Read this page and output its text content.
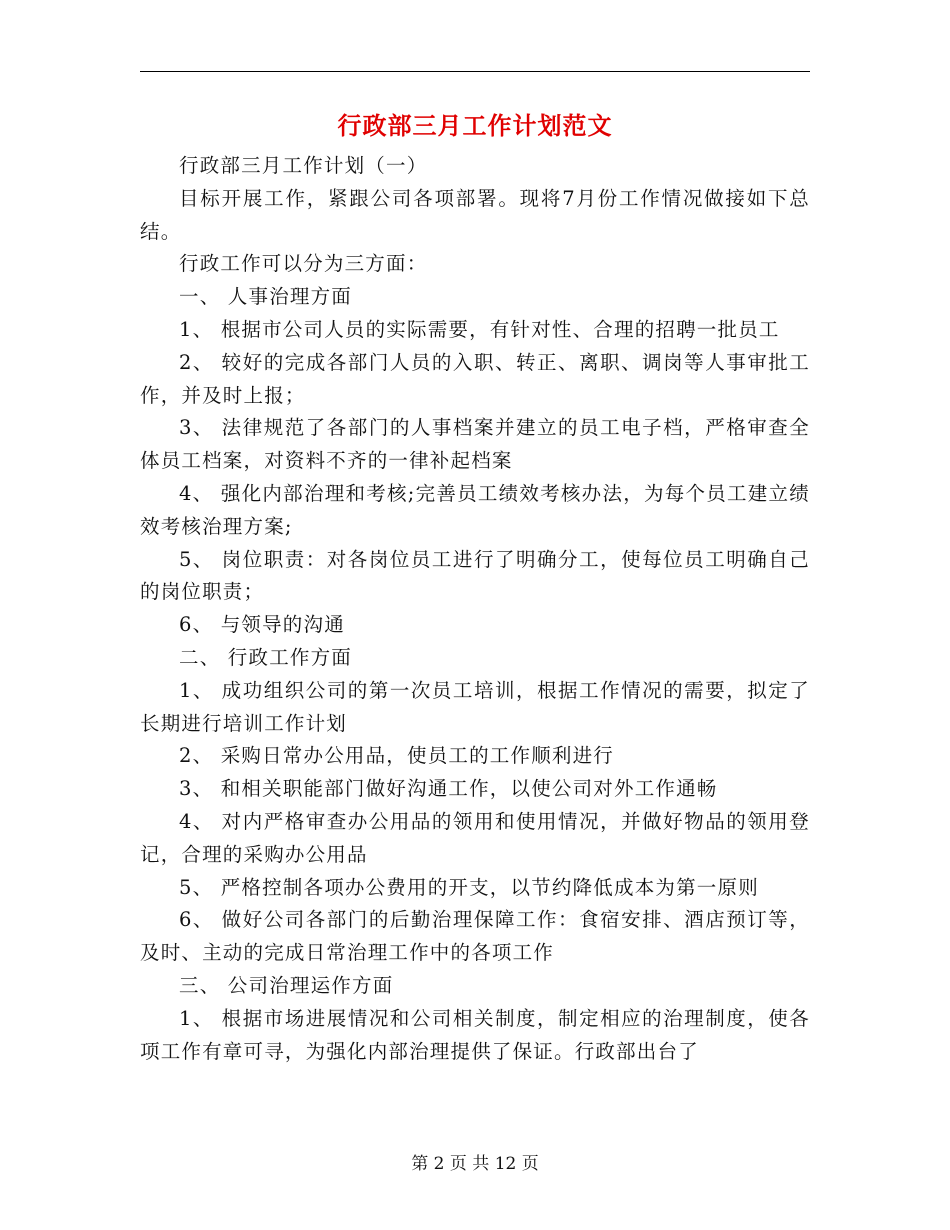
行政部三月工作计划范文

行政部三月工作计划（一）

目标开展工作，紧跟公司各项部署。现将7月份工作情况做接如下总结。

行政工作可以分为三方面：

一、 人事治理方面

1、 根据市公司人员的实际需要，有针对性、合理的招聘一批员工

2、 较好的完成各部门人员的入职、转正、离职、调岗等人事审批工作，并及时上报；

3、 法律规范了各部门的人事档案并建立的员工电子档，严格审查全体员工档案，对资料不齐的一律补起档案

4、 强化内部治理和考核;完善员工绩效考核办法，为每个员工建立绩效考核治理方案;

5、 岗位职责：对各岗位员工进行了明确分工，使每位员工明确自己的岗位职责；

6、 与领导的沟通

二、 行政工作方面

1、 成功组织公司的第一次员工培训，根据工作情况的需要，拟定了长期进行培训工作计划

2、 采购日常办公用品，使员工的工作顺利进行

3、 和相关职能部门做好沟通工作，以使公司对外工作通畅

4、 对内严格审查办公用品的领用和使用情况，并做好物品的领用登记，合理的采购办公用品

5、 严格控制各项办公费用的开支，以节约降低成本为第一原则

6、 做好公司各部门的后勤治理保障工作：食宿安排、酒店预订等，及时、主动的完成日常治理工作中的各项工作

三、 公司治理运作方面

1、 根据市场进展情况和公司相关制度，制定相应的治理制度，使各项工作有章可寻，为强化内部治理提供了保证。行政部出台了

第 2 页 共 12 页
